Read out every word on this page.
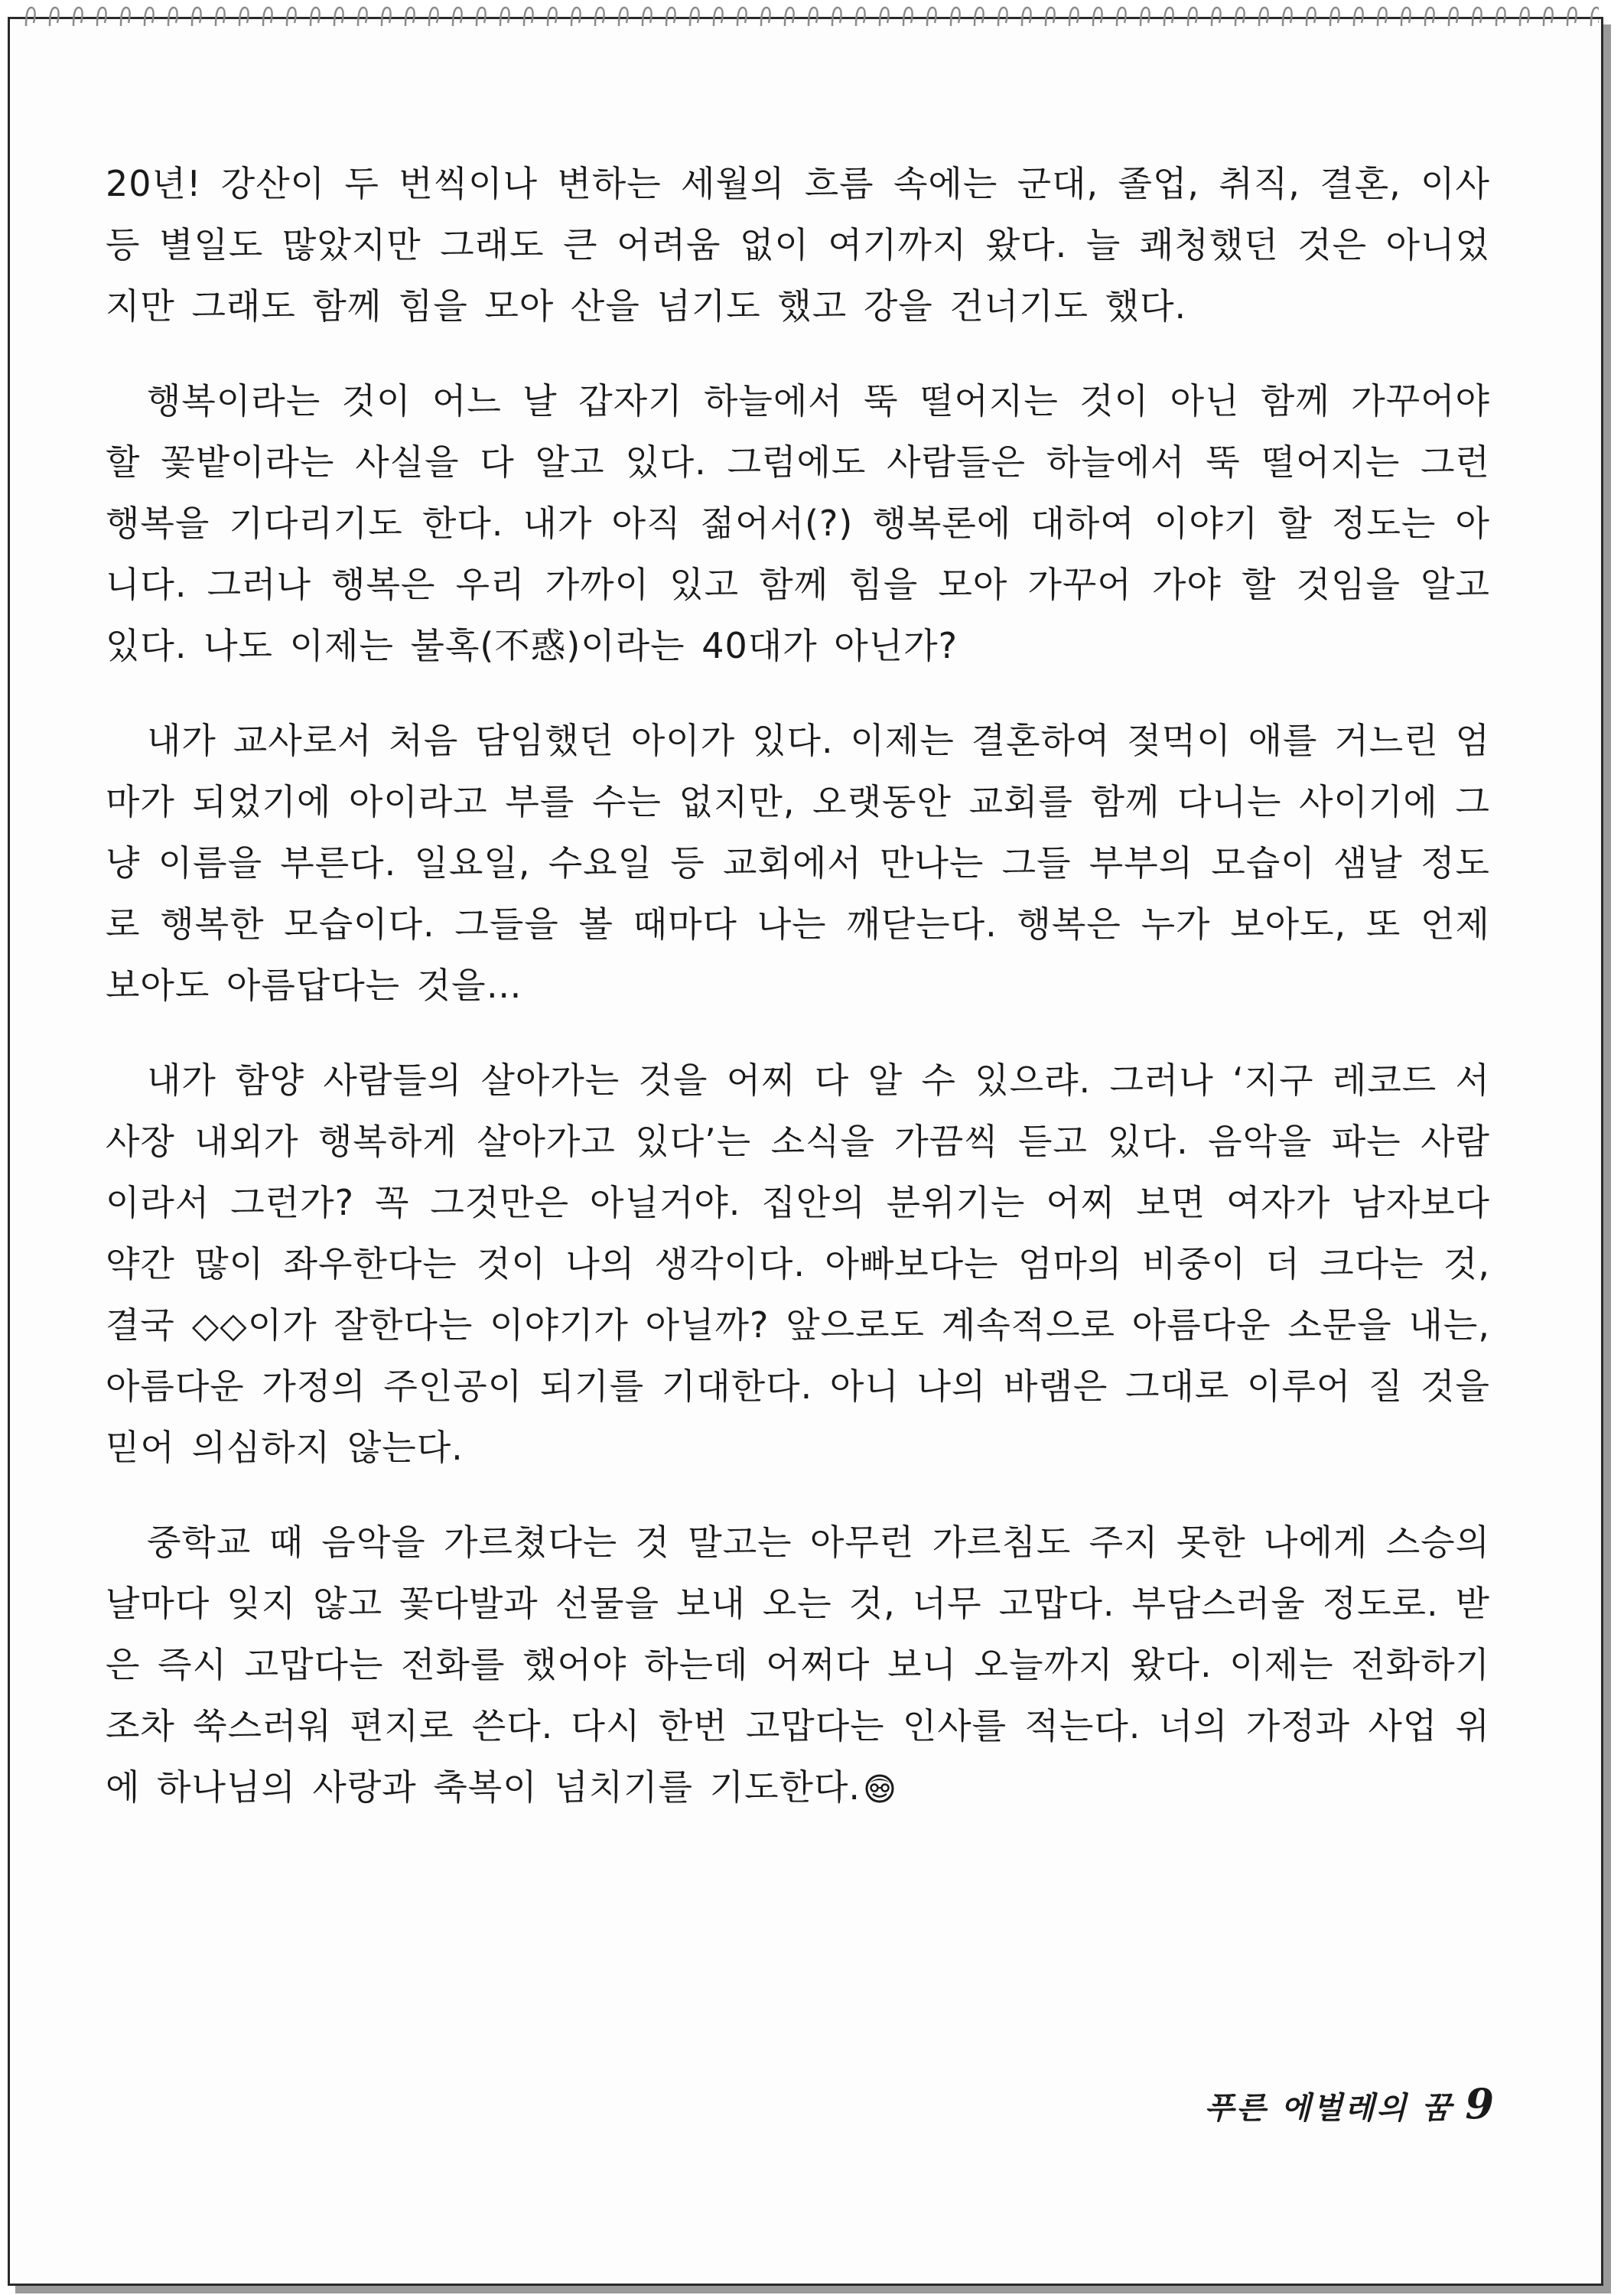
20년! 강산이 두 번씩이나 변하는 세월의 흐름 속에는 군대, 졸업, 취직, 결혼, 이사 등 별일도 많았지만 그래도 큰 어려움 없이 여기까지 왔다. 늘 쾌청했던 것은 아니었지만 그래도 함께 힘을 모아 산을 넘기도 했고 강을 건너기도 했다.

행복이라는 것이 어느 날 갑자기 하늘에서 뚝 떨어지는 것이 아닌 함께 가꾸어야 할 꽃밭이라는 사실을 다 알고 있다. 그럼에도 사람들은 하늘에서 뚝 떨어지는 그런 행복을 기다리기도 한다. 내가 아직 젊어서(?) 행복론에 대하여 이야기 할 정도는 아니다. 그러나 행복은 우리 가까이 있고 함께 힘을 모아 가꾸어 가야 할 것임을 알고 있다. 나도 이제는 불혹(不惑)이라는 40대가 아닌가?

내가 교사로서 처음 담임했던 아이가 있다. 이제는 결혼하여 젖먹이 애를 거느린 엄마가 되었기에 아이라고 부를 수는 없지만, 오랫동안 교회를 함께 다니는 사이기에 그냥 이름을 부른다. 일요일, 수요일 등 교회에서 만나는 그들 부부의 모습이 샘날 정도로 행복한 모습이다. 그들을 볼 때마다 나는 깨닫는다. 행복은 누가 보아도, 또 언제 보아도 아름답다는 것을…

내가 함양 사람들의 살아가는 것을 어찌 다 알 수 있으랴. 그러나 ‘지구 레코드 서사장 내외가 행복하게 살아가고 있다’는 소식을 가끔씩 듣고 있다. 음악을 파는 사람이라서 그런가? 꼭 그것만은 아닐거야. 집안의 분위기는 어찌 보면 여자가 남자보다 약간 많이 좌우한다는 것이 나의 생각이다. 아빠보다는 엄마의 비중이 더 크다는 것, 결국 ◇◇이가 잘한다는 이야기가 아닐까? 앞으로도 계속적으로 아름다운 소문을 내는, 아름다운 가정의 주인공이 되기를 기대한다. 아니 나의 바램은 그대로 이루어 질 것을 믿어 의심하지 않는다.

중학교 때 음악을 가르쳤다는 것 말고는 아무런 가르침도 주지 못한 나에게 스승의 날마다 잊지 않고 꽃다발과 선물을 보내 오는 것, 너무 고맙다. 부담스러울 정도로. 받은 즉시 고맙다는 전화를 했어야 하는데 어쩌다 보니 오늘까지 왔다. 이제는 전화하기조차 쑥스러워 편지로 쓴다. 다시 한번 고맙다는 인사를 적는다. 너의 가정과 사업 위에 하나님의 사랑과 축복이 넘치기를 기도한다.

푸른 에벌레의 꿈 9
